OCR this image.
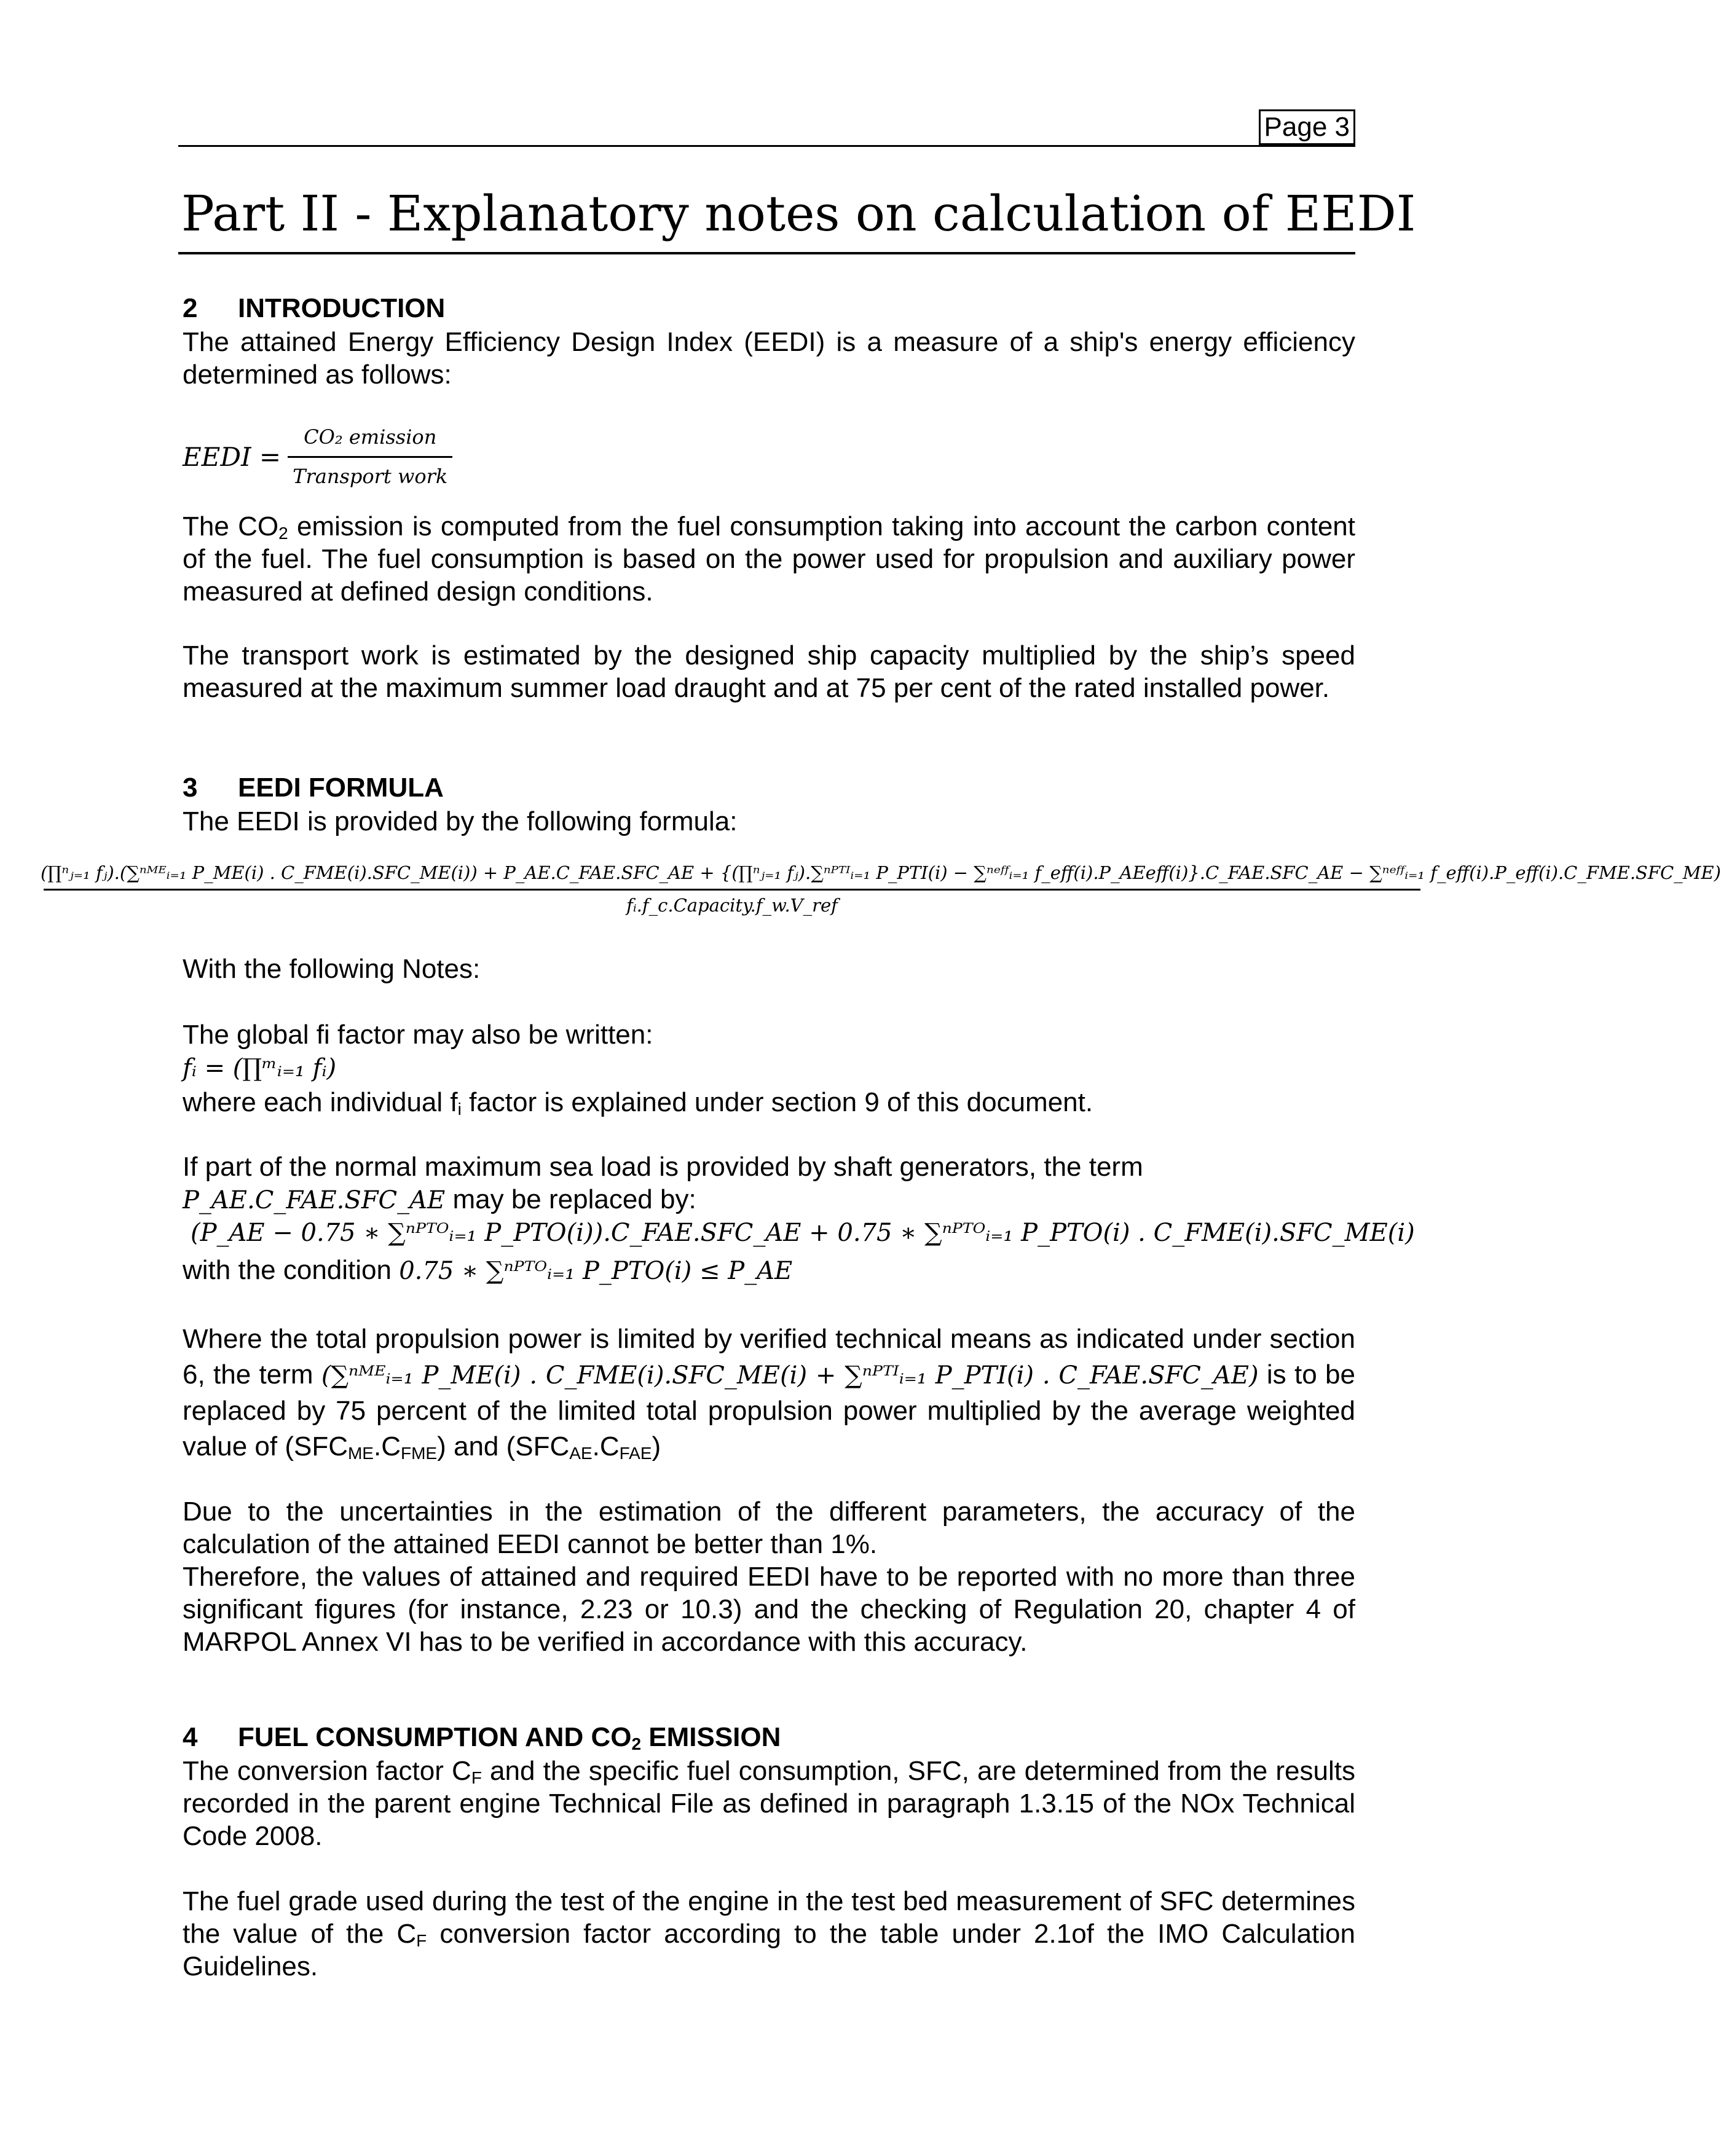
Page 3
Part II - Explanatory notes on calculation of EEDI
2 INTRODUCTION
The attained Energy Efficiency Design Index (EEDI) is a measure of a ship's energy efficiency determined as follows:
EEDI = $\frac{\text{CO₂ emission}}{\text{Transport work}}$
The $CO_2$ emission is computed from the fuel consumption taking into account the carbon content of the fuel. The fuel consumption is based on the power used for propulsion and auxiliary power measured at defined design conditions.
The transport work is estimated by the designed ship capacity multiplied by the ship’s speed measured at the maximum summer load draught and at 75 per cent of the rated installed power.
3 EEDI FORMULA
The EEDI is provided by the following formula:
(∏ⁿⱼ₌₁ fⱼ).(∑ⁿᴹᴱᵢ₌₁ P_ME(i) . C_FME(i).SFC_ME(i)) + P_AE.C_FAE.SFC_AE + {(∏ⁿⱼ₌₁ fⱼ).∑ⁿᴾᵀᴵᵢ₌₁ P_PTI(i) − ∑ⁿᵉᶠᶠᵢ₌₁ f_eff(i).P_AEeff(i)}.C_FAE.SFC_AE − ∑ⁿᵉᶠᶠᵢ₌₁ f_eff(i).P_eff(i).C_FME.SFC_ME)
fᵢ.f_c.Capacity.f_w.V_ref
With the following Notes:
The global fi factor may also be written:
fᵢ = (∏ᵐᵢ₌₁ fᵢ)
where each individual $f_i$ factor is explained under section 9 of this document.
If part of the normal maximum sea load is provided by shaft generators, the term
P_AE.C_FAE.SFC_AE may be replaced by:
(P_AE − 0.75 ∗ ∑ⁿᴾᵀᴼᵢ₌₁ P_PTO(i)).C_FAE.SFC_AE + 0.75 ∗ ∑ⁿᴾᵀᴼᵢ₌₁ P_PTO(i) . C_FME(i).SFC_ME(i)
with the condition 0.75 ∗ ∑ⁿᴾᵀᴼᵢ₌₁ P_PTO(i) ≤ P_AE
Where the total propulsion power is limited by verified technical means as indicated under section 6, the term (∑ⁿᴹᴱᵢ₌₁ P_ME(i) . C_FME(i).SFC_ME(i) + ∑ⁿᴾᵀᴵᵢ₌₁ P_PTI(i) . C_FAE.SFC_AE) is to be replaced by 75 percent of the limited total propulsion power multiplied by the average weighted value of $(SFC_{ME}.C_{FME})$ and $(SFC_{AE}.C_{FAE})$
Due to the uncertainties in the estimation of the different parameters, the accuracy of the calculation of the attained EEDI cannot be better than 1%.
Therefore, the values of attained and required EEDI have to be reported with no more than three significant figures (for instance, 2.23 or 10.3) and the checking of Regulation 20, chapter 4 of MARPOL Annex VI has to be verified in accordance with this accuracy.
4 FUEL CONSUMPTION AND $CO_2$ EMISSION
The conversion factor $C_F$ and the specific fuel consumption, SFC, are determined from the results recorded in the parent engine Technical File as defined in paragraph 1.3.15 of the NOx Technical Code 2008.
The fuel grade used during the test of the engine in the test bed measurement of SFC determines the value of the $C_F$ conversion factor according to the table under 2.1of the IMO Calculation Guidelines.
